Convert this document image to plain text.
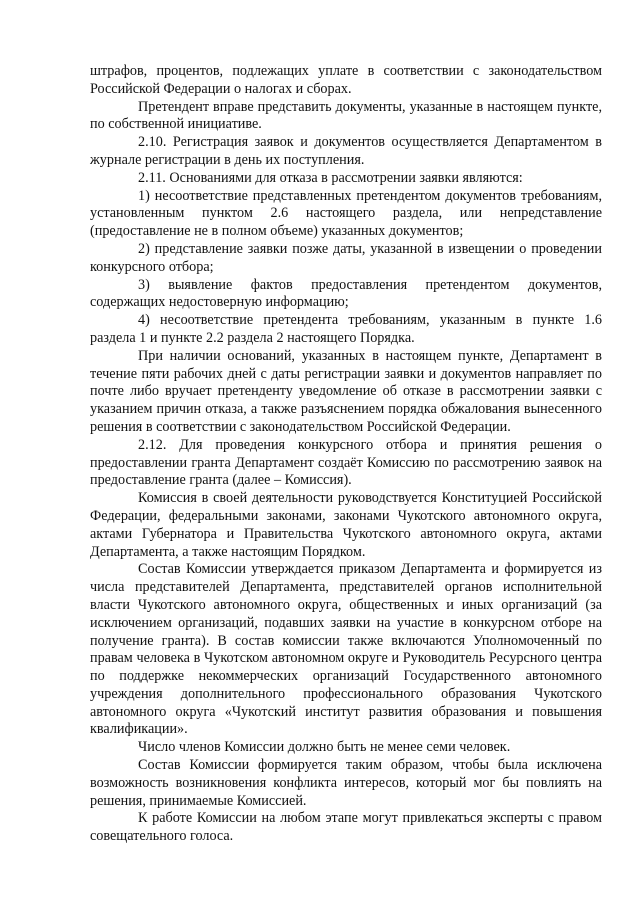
штрафов, процентов, подлежащих уплате в соответствии с законодательством Российской Федерации о налогах и сборах.

Претендент вправе представить документы, указанные в настоящем пункте, по собственной инициативе.

2.10. Регистрация заявок и документов осуществляется Департаментом в журнале регистрации в день их поступления.

2.11. Основаниями для отказа в рассмотрении заявки являются:

1) несоответствие представленных претендентом документов требованиям, установленным пунктом 2.6 настоящего раздела, или непредставление (предоставление не в полном объеме) указанных документов;

2) представление заявки позже даты, указанной в извещении о проведении конкурсного отбора;

3) выявление фактов предоставления претендентом документов, содержащих недостоверную информацию;

4) несоответствие претендента требованиям, указанным в пункте 1.6 раздела 1 и пункте 2.2 раздела 2 настоящего Порядка.

При наличии оснований, указанных в настоящем пункте, Департамент в течение пяти рабочих дней с даты регистрации заявки и документов направляет по почте либо вручает претенденту уведомление об отказе в рассмотрении заявки с указанием причин отказа, а также разъяснением порядка обжалования вынесенного решения в соответствии с законодательством Российской Федерации.

2.12. Для проведения конкурсного отбора и принятия решения о предоставлении гранта Департамент создаёт Комиссию по рассмотрению заявок на предоставление гранта (далее – Комиссия).

Комиссия в своей деятельности руководствуется Конституцией Российской Федерации, федеральными законами, законами Чукотского автономного округа, актами Губернатора и Правительства Чукотского автономного округа, актами Департамента, а также настоящим Порядком.

Состав Комиссии утверждается приказом Департамента и формируется из числа представителей Департамента, представителей органов исполнительной власти Чукотского автономного округа, общественных и иных организаций (за исключением организаций, подавших заявки на участие в конкурсном отборе на получение гранта). В состав комиссии также включаются Уполномоченный по правам человека в Чукотском автономном округе и Руководитель Ресурсного центра по поддержке некоммерческих организаций Государственного автономного учреждения дополнительного профессионального образования Чукотского автономного округа «Чукотский институт развития образования и повышения квалификации».

Число членов Комиссии должно быть не менее семи человек.

Состав Комиссии формируется таким образом, чтобы была исключена возможность возникновения конфликта интересов, который мог бы повлиять на решения, принимаемые Комиссией.

К работе Комиссии на любом этапе могут привлекаться эксперты с правом совещательного голоса.
